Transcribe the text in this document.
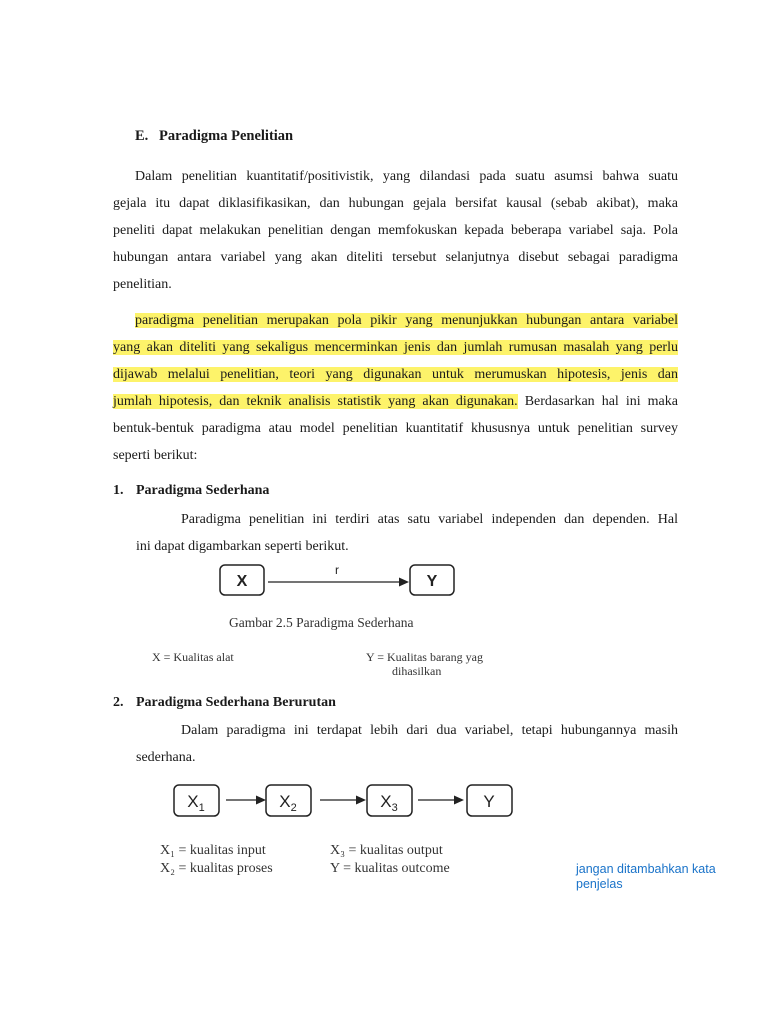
E. Paradigma Penelitian
Dalam penelitian kuantitatif/positivistik, yang dilandasi pada suatu asumsi bahwa suatu
gejala itu dapat diklasifikasikan, dan hubungan gejala bersifat kausal (sebab akibat), maka
peneliti dapat melakukan penelitian dengan memfokuskan kepada beberapa variabel saja. Pola
hubungan antara variabel yang akan diteliti tersebut selanjutnya disebut sebagai paradigma
penelitian.
paradigma penelitian merupakan pola pikir yang menunjukkan hubungan antara variabel
yang akan diteliti yang sekaligus mencerminkan jenis dan jumlah rumusan masalah yang perlu
dijawab melalui penelitian, teori yang digunakan untuk merumuskan hipotesis, jenis dan
jumlah hipotesis, dan teknik analisis statistik yang akan digunakan. Berdasarkan hal ini maka
bentuk-bentuk paradigma atau model penelitian kuantitatif khususnya untuk penelitian survey
seperti berikut:
1. Paradigma Sederhana
Paradigma penelitian ini terdiri atas satu variabel independen dan dependen. Hal
ini dapat digambarkan seperti berikut.
X
r
Y
Gambar 2.5 Paradigma Sederhana
X = Kualitas alat	Y = Kualitas barang yag
dihasilkan
2. Paradigma Sederhana Berurutan
Dalam paradigma ini terdapat lebih dari dua variabel, tetapi hubungannya masih
sederhana.
$X_1$	$X_2$	$X_3$	Y
X₁ = kualitas input
X₂ = kualitas proses
X₃ = kualitas output
Y = kualitas outcome	jangan ditambahkan kata penjelas
